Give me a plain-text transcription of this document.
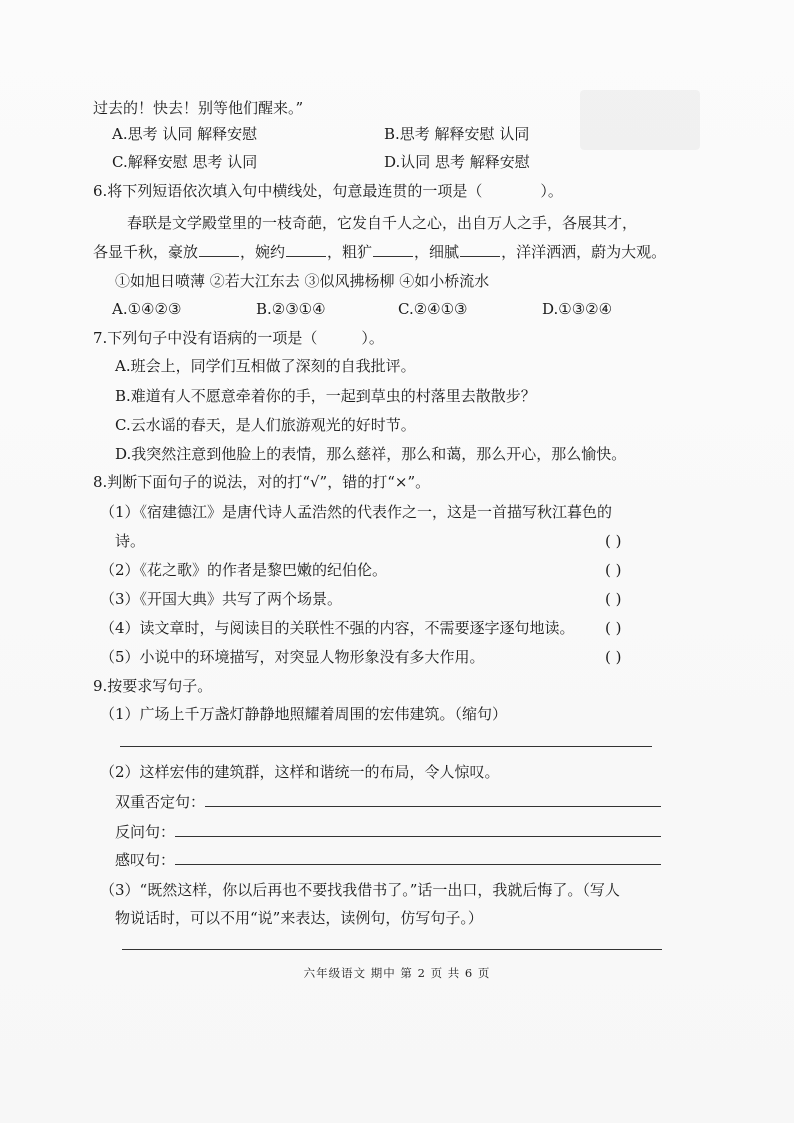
过去的！快去！别等他们醒来。”
A.思考 认同 解释安慰	B.思考 解释安慰 认同
C.解释安慰 思考 认同	D.认同 思考 解释安慰
6.将下列短语依次填入句中横线处，句意最连贯的一项是（	）。
春联是文学殿堂里的一枝奇葩，它发自千人之心，出自万人之手，各展其才，
各显千秋，豪放	，婉约	，粗犷	，细腻	，洋洋洒洒，蔚为大观。
①如旭日喷薄 ②若大江东去 ③似风拂杨柳 ④如小桥流水
A.①④②③	B.②③①④	C.②④①③	D.①③②④
7.下列句子中没有语病的一项是（	）。
A.班会上，同学们互相做了深刻的自我批评。
B.难道有人不愿意牵着你的手，一起到草虫的村落里去散散步？
C.云水谣的春天，是人们旅游观光的好时节。
D.我突然注意到他脸上的表情，那么慈祥，那么和蔼，那么开心，那么愉快。
8.判断下面句子的说法，对的打“√”，错的打“×”。
（1）《宿建德江》是唐代诗人孟浩然的代表作之一，这是一首描写秋江暮色的
诗。	( )
（2）《花之歌》的作者是黎巴嫩的纪伯伦。	( )
（3）《开国大典》共写了两个场景。	( )
（4）读文章时，与阅读目的关联性不强的内容，不需要逐字逐句地读。 ( )
（5）小说中的环境描写，对突显人物形象没有多大作用。	( )
9.按要求写句子。
（1）广场上千万盏灯静静地照耀着周围的宏伟建筑。（缩句）
（2）这样宏伟的建筑群，这样和谐统一的布局，令人惊叹。
双重否定句：
反问句：
感叹句：
（3）“既然这样，你以后再也不要找我借书了。”话一出口，我就后悔了。（写人
物说话时，可以不用“说”来表达，读例句，仿写句子。）
六年级语文 期中 第 2 页 共 6 页
